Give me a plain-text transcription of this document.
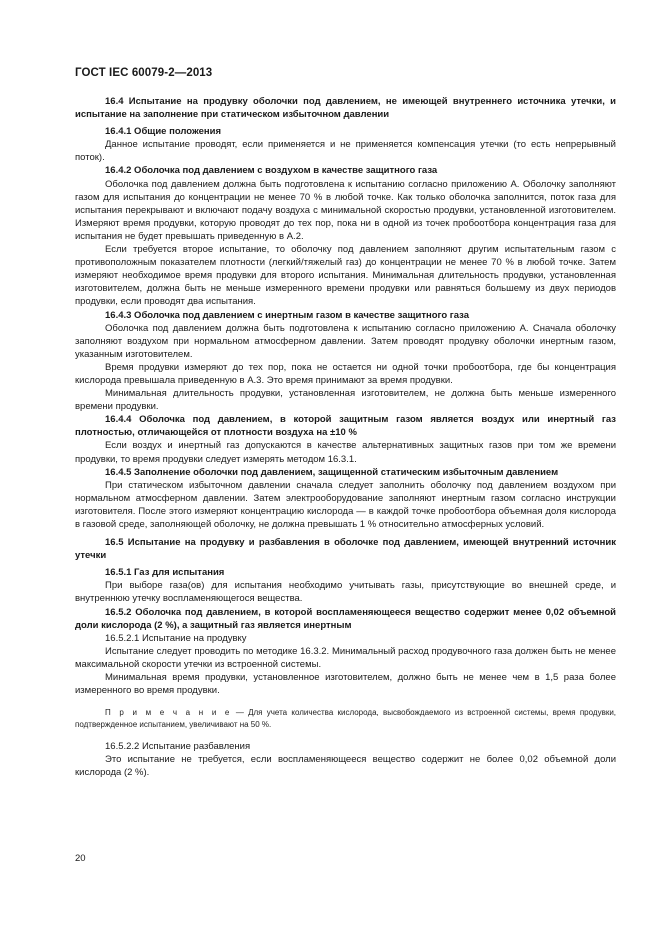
ГОСТ IEC 60079-2—2013

16.4 Испытание на продувку оболочки под давлением, не имеющей внутреннего источника утечки, и испытание на заполнение при статическом избыточном давлении

16.4.1 Общие положения

Данное испытание проводят, если применяется и не применяется компенсация утечки (то есть непрерывный поток).

16.4.2 Оболочка под давлением с воздухом в качестве защитного газа

Оболочка под давлением должна быть подготовлена к испытанию согласно приложению А. Оболочку заполняют газом для испытания до концентрации не менее 70 % в любой точке. Как только оболочка заполнится, поток газа для испытания перекрывают и включают подачу воздуха с минимальной скоростью продувки, установленной изготовителем. Измеряют время продувки, которую проводят до тех пор, пока ни в одной из точек пробоотбора концентрация газа для испытания не будет превышать приведенную в А.2.

Если требуется второе испытание, то оболочку под давлением заполняют другим испытательным газом с противоположным показателем плотности (легкий/тяжелый газ) до концентрации не менее 70 % в любой точке. Затем измеряют необходимое время продувки для второго испытания. Минимальная длительность продувки, установленная изготовителем, должна быть не меньше измеренного времени продувки или равняться большему из двух периодов продувки, если проводят два испытания.

16.4.3 Оболочка под давлением с инертным газом в качестве защитного газа

Оболочка под давлением должна быть подготовлена к испытанию согласно приложению А. Сначала оболочку заполняют воздухом при нормальном атмосферном давлении. Затем проводят продувку оболочки инертным газом, указанным изготовителем.

Время продувки измеряют до тех пор, пока не остается ни одной точки пробоотбора, где бы концентрация кислорода превышала приведенную в А.3. Это время принимают за время продувки.

Минимальная длительность продувки, установленная изготовителем, не должна быть меньше измеренного времени продувки.

16.4.4 Оболочка под давлением, в которой защитным газом является воздух или инертный газ плотностью, отличающейся от плотности воздуха на ±10 %

Если воздух и инертный газ допускаются в качестве альтернативных защитных газов при том же времени продувки, то время продувки следует измерять методом 16.3.1.

16.4.5 Заполнение оболочки под давлением, защищенной статическим избыточным давлением

При статическом избыточном давлении сначала следует заполнить оболочку под давлением воздухом при нормальном атмосферном давлении. Затем электрооборудование заполняют инертным газом согласно инструкции изготовителя. После этого измеряют концентрацию кислорода — в каждой точке пробоотбора объемная доля кислорода в газовой среде, заполняющей оболочку, не должна превышать 1 % относительно атмосферных условий.

16.5 Испытание на продувку и разбавления в оболочке под давлением, имеющей внутренний источник утечки

16.5.1 Газ для испытания

При выборе газа(ов) для испытания необходимо учитывать газы, присутствующие во внешней среде, и внутреннюю утечку воспламеняющегося вещества.

16.5.2 Оболочка под давлением, в которой воспламеняющееся вещество содержит менее 0,02 объемной доли кислорода (2 %), а защитный газ является инертным

16.5.2.1 Испытание на продувку

Испытание следует проводить по методике 16.3.2. Минимальный расход продувочного газа должен быть не менее максимальной скорости утечки из встроенной системы.

Минимальная время продувки, установленное изготовителем, должно быть не менее чем в 1,5 раза более измеренного во время продувки.

П р и м е ч а н и е — Для учета количества кислорода, высвобождаемого из встроенной системы, время продувки, подтвержденное испытанием, увеличивают на 50 %.

16.5.2.2 Испытание разбавления

Это испытание не требуется, если воспламеняющееся вещество содержит не более 0,02 объемной доли кислорода (2 %).

20
